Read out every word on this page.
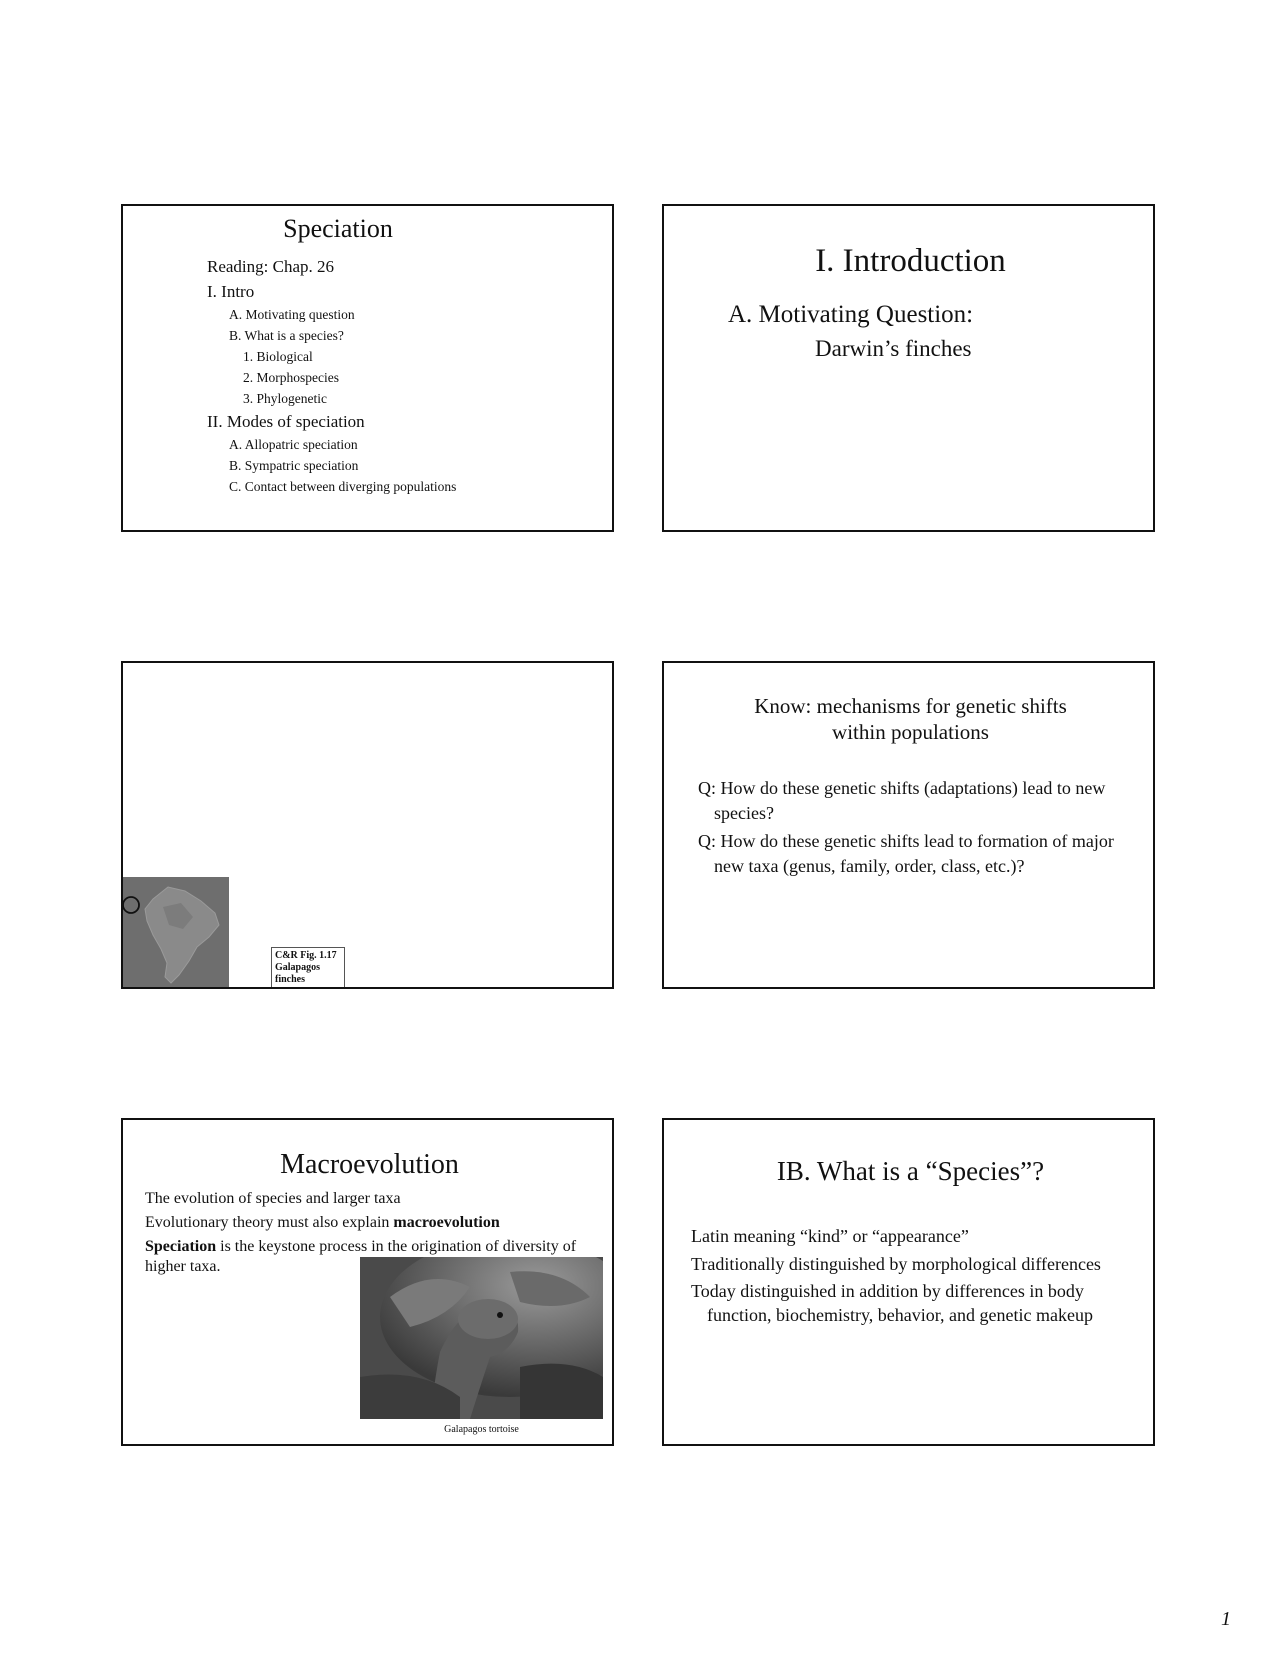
Speciation
Reading: Chap. 26
I. Intro
A. Motivating question
B. What is a species?
1. Biological
2. Morphospecies
3. Phylogenetic
II. Modes of speciation
A. Allopatric speciation
B. Sympatric speciation
C. Contact between diverging populations
I. Introduction

A. Motivating Question:

Darwin’s finches

C&R Fig. 1.17
Galapagos
finches
Know: mechanisms for genetic shifts
within populations

Q: How do these genetic shifts (adaptations) lead to new species?

Q: How do these genetic shifts lead to formation of major new taxa (genus, family, order, class, etc.)?

Macroevolution

The evolution of species and larger taxa

Evolutionary theory must also explain macroevolution

Speciation is the keystone process in the origination of diversity of higher taxa.

Galapagos tortoise

IB. What is a “Species”?

Latin meaning “kind” or “appearance”

Traditionally distinguished by morphological differences

Today distinguished in addition by differences in body function, biochemistry, behavior, and genetic makeup

1
